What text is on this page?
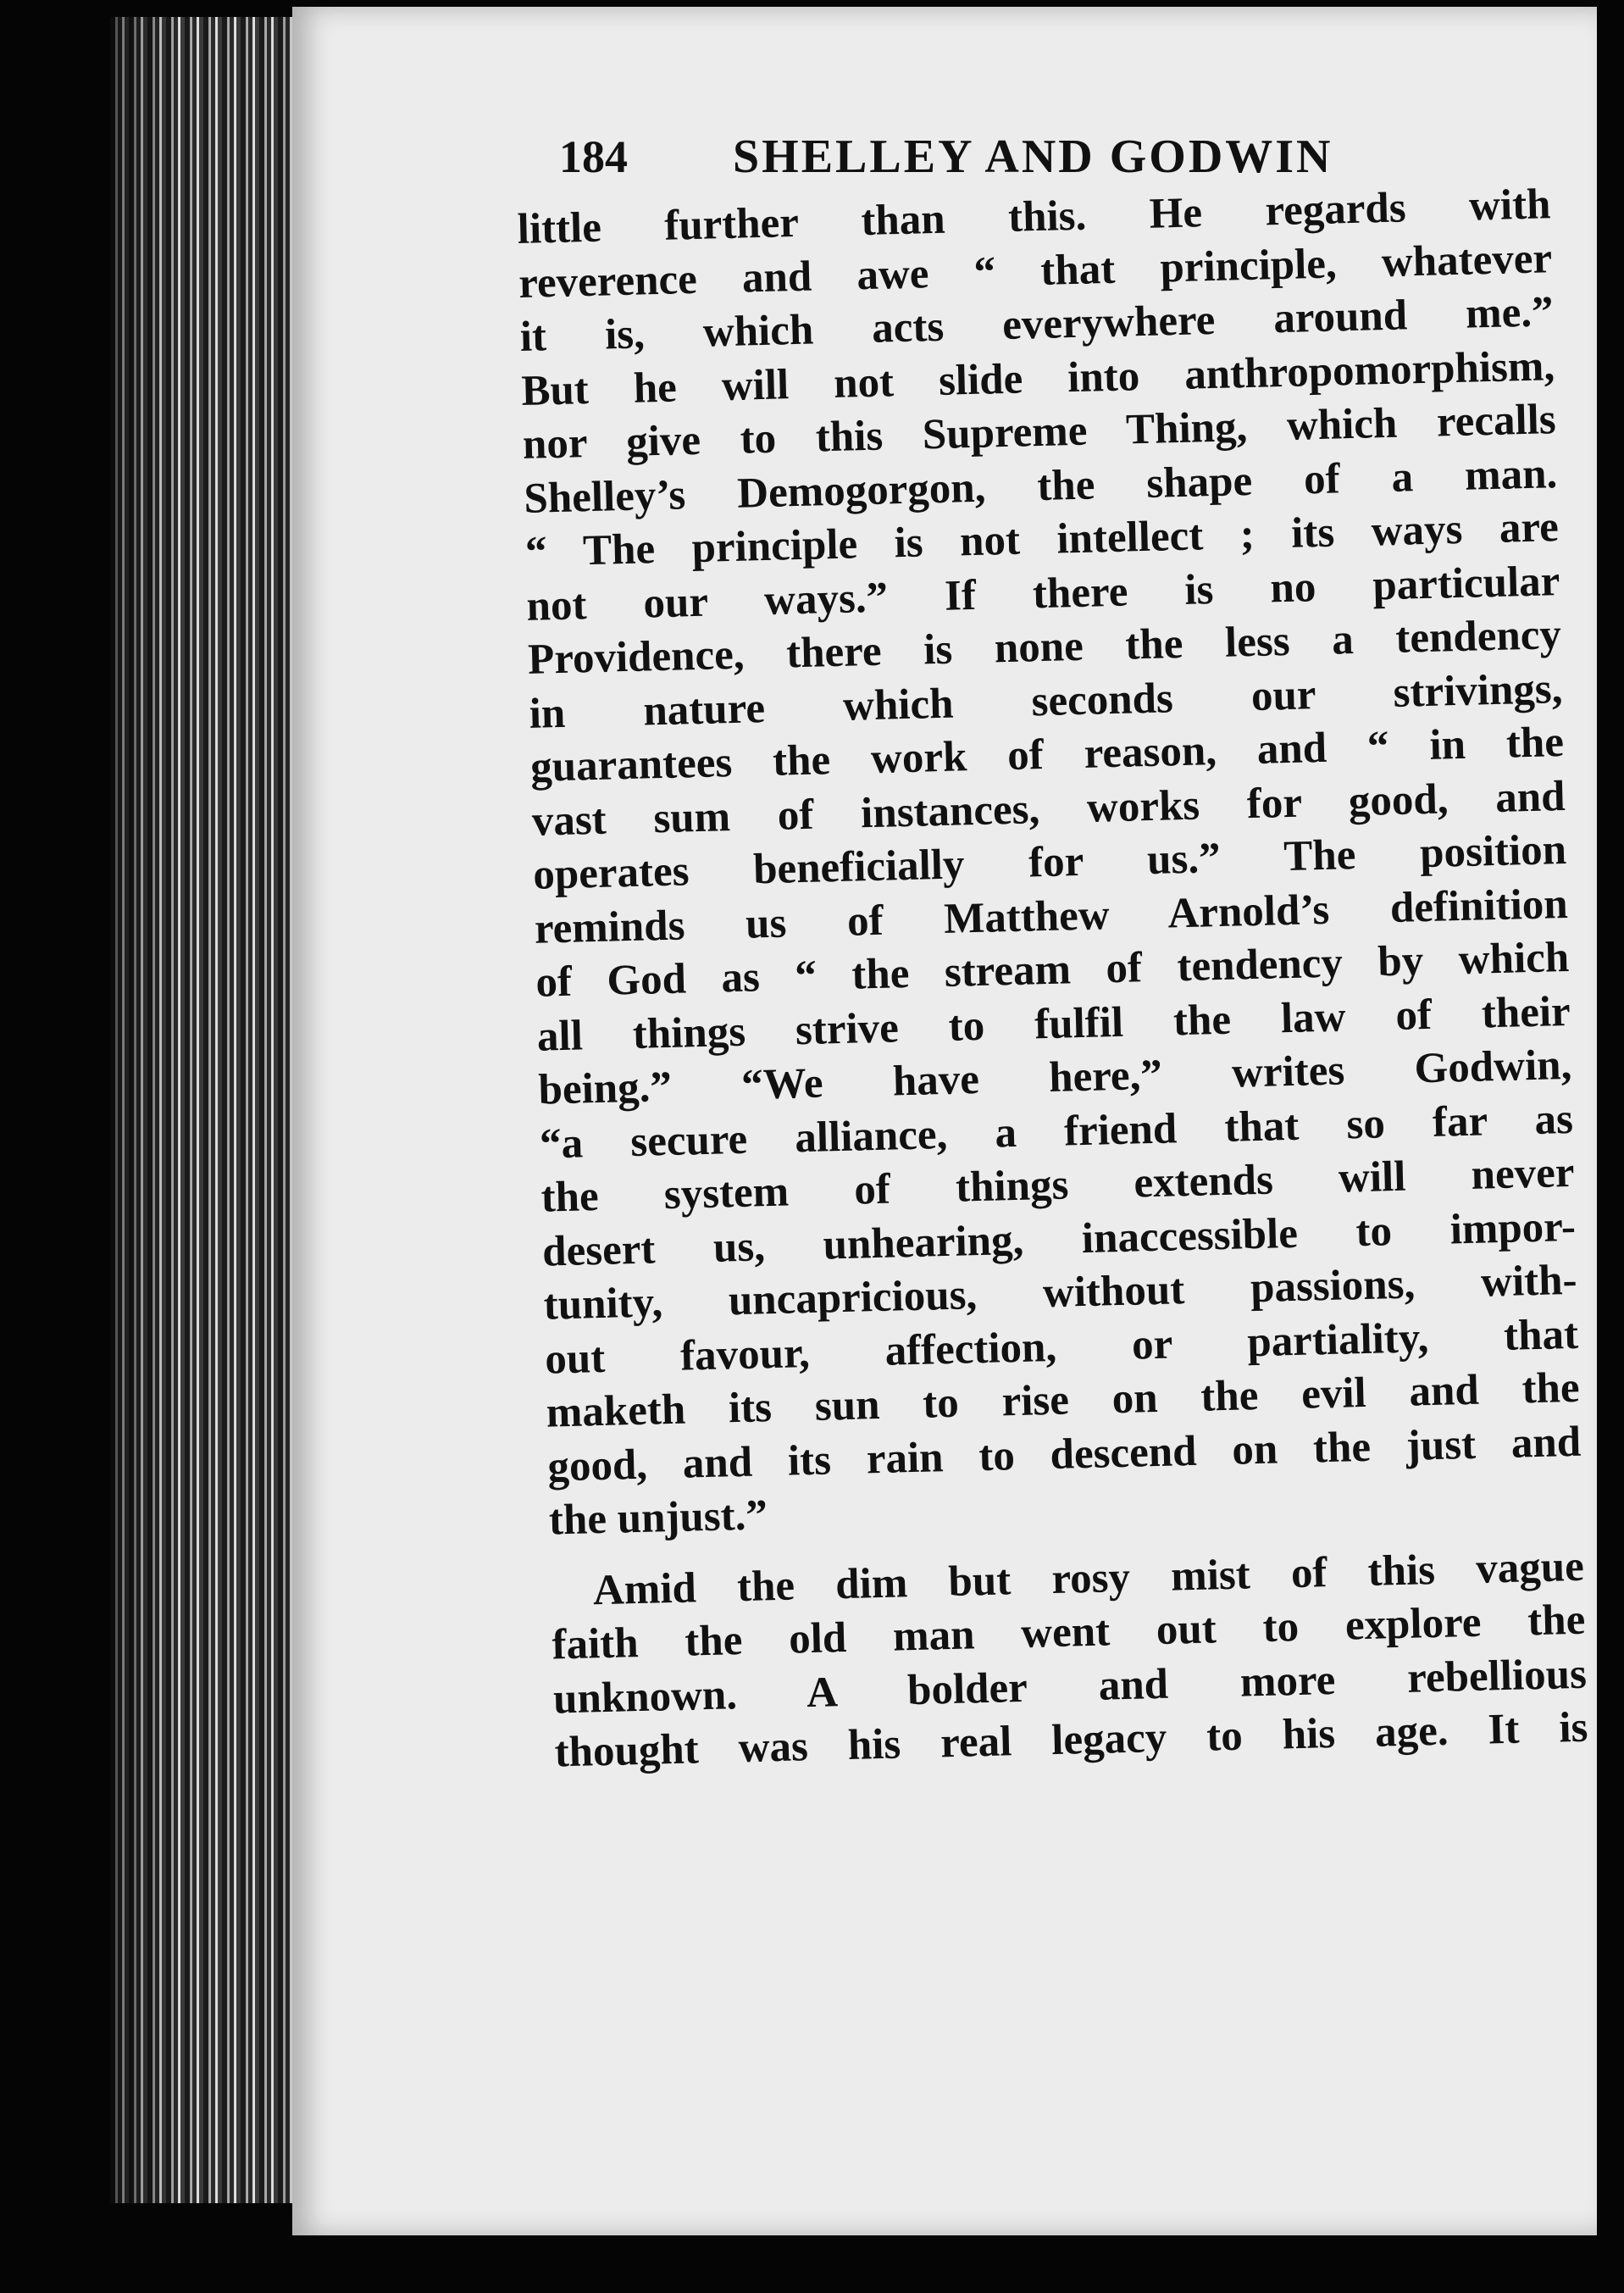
184 SHELLEY AND GODWIN
little further than this. He regards with
reverence and awe “ that principle, whatever
it is, which acts everywhere around me.”
But he will not slide into anthropomorphism,
nor give to this Supreme Thing, which recalls
Shelley’s Demogorgon, the shape of a man.
“ The principle is not intellect ; its ways are
not our ways.” If there is no particular
Providence, there is none the less a tendency
in nature which seconds our strivings,
guarantees the work of reason, and “ in the
vast sum of instances, works for good, and
operates beneficially for us.” The position
reminds us of Matthew Arnold’s definition
of God as “ the stream of tendency by which
all things strive to fulfil the law of their
being.” “We have here,” writes Godwin,
“a secure alliance, a friend that so far as
the system of things extends will never
desert us, unhearing, inaccessible to impor-
tunity, uncapricious, without passions, with-
out favour, affection, or partiality, that
maketh its sun to rise on the evil and the
good, and its rain to descend on the just and
the unjust.”
Amid the dim but rosy mist of this vague
faith the old man went out to explore the
unknown. A bolder and more rebellious
thought was his real legacy to his age. It is
